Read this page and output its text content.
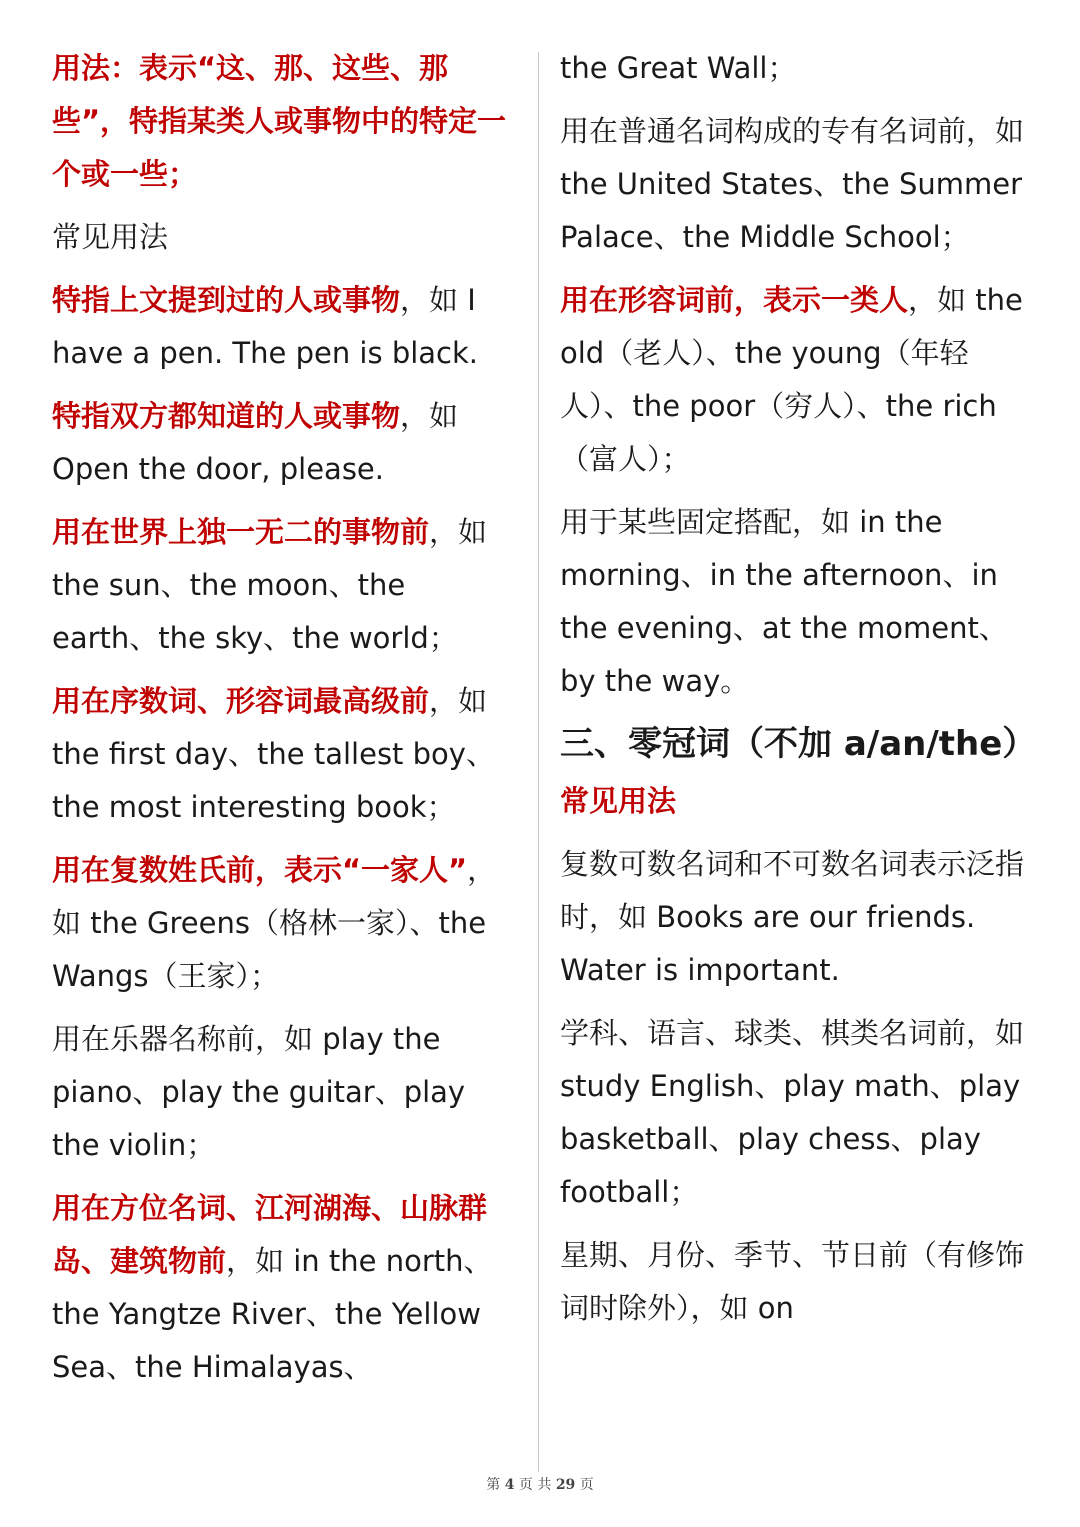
用法：表示“这、那、这些、那些”，特指某类人或事物中的特定一个或一些；
常见用法
特指上文提到过的人或事物，如 I have a pen. The pen is black.
特指双方都知道的人或事物，如 Open the door, please.
用在世界上独一无二的事物前，如 the sun、the moon、the earth、the sky、the world；
用在序数词、形容词最高级前，如 the first day、the tallest boy、the most interesting book；
用在复数姓氏前，表示“一家人”，如 the Greens（格林一家）、the Wangs（王家）；
用在乐器名称前，如 play the piano、play the guitar、play the violin；
用在方位名词、江河湖海、山脉群岛、建筑物前，如 in the north、the Yangtze River、the Yellow Sea、the Himalayas、
the Great Wall；
用在普通名词构成的专有名词前，如 the United States、the Summer Palace、the Middle School；
用在形容词前，表示一类人，如 the old（老人）、the young（年轻人）、the poor（穷人）、the rich（富人）；
用于某些固定搭配，如 in the morning、in the afternoon、in the evening、at the moment、by the way。
三、零冠词（不加 a/an/the）
常见用法
复数可数名词和不可数名词表示泛指时，如 Books are our friends. Water is important.
学科、语言、球类、棋类名词前，如 study English、play math、play basketball、play chess、play football；
星期、月份、季节、节日前（有修饰词时除外），如 on
第 4 页 共 29 页
